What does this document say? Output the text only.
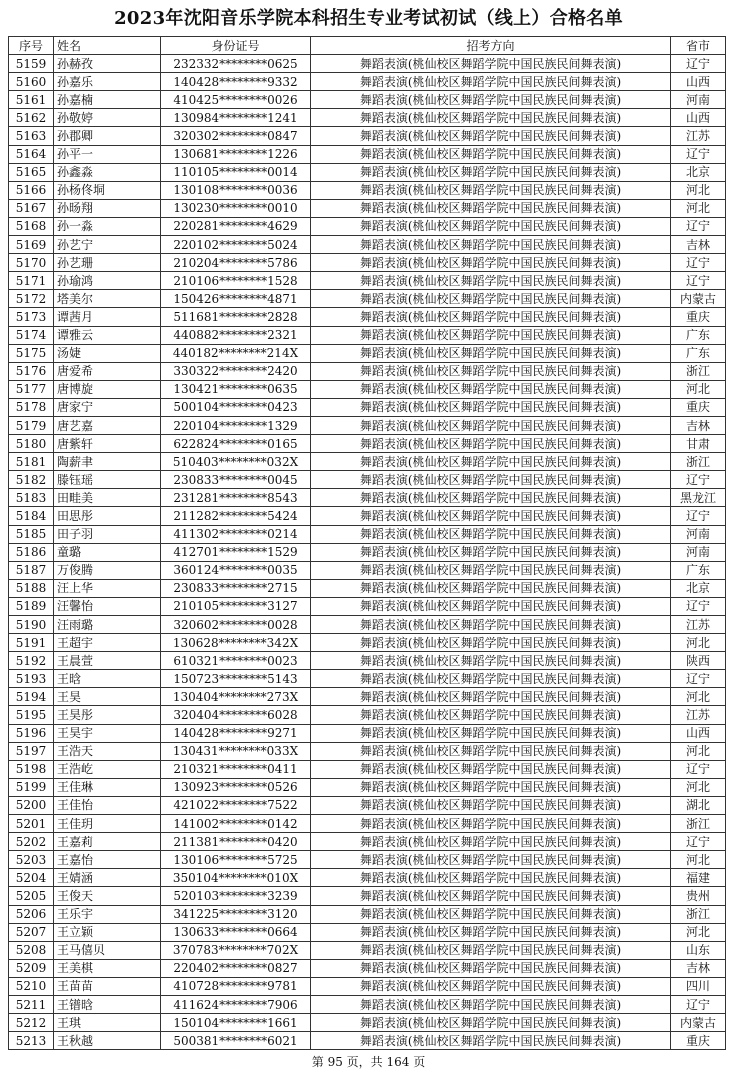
2023年沈阳音乐学院本科招生专业考试初试（线上）合格名单
序号	姓名	身份证号	招考方向	省市
5159	孙赫孜	232332********0625	舞蹈表演(桃仙校区舞蹈学院中国民族民间舞表演)	辽宁
5160	孙嘉乐	140428********9332	舞蹈表演(桃仙校区舞蹈学院中国民族民间舞表演)	山西
5161	孙嘉楠	410425********0026	舞蹈表演(桃仙校区舞蹈学院中国民族民间舞表演)	河南
5162	孙敬婷	130984********1241	舞蹈表演(桃仙校区舞蹈学院中国民族民间舞表演)	山西
5163	孙郡卿	320302********0847	舞蹈表演(桃仙校区舞蹈学院中国民族民间舞表演)	江苏
5164	孙平一	130681********1226	舞蹈表演(桃仙校区舞蹈学院中国民族民间舞表演)	辽宁
5165	孙鑫淼	110105********0014	舞蹈表演(桃仙校区舞蹈学院中国民族民间舞表演)	北京
5166	孙杨佟垌	130108********0036	舞蹈表演(桃仙校区舞蹈学院中国民族民间舞表演)	河北
5167	孙旸翔	130230********0010	舞蹈表演(桃仙校区舞蹈学院中国民族民间舞表演)	河北
5168	孙一淼	220281********4629	舞蹈表演(桃仙校区舞蹈学院中国民族民间舞表演)	辽宁
5169	孙艺宁	220102********5024	舞蹈表演(桃仙校区舞蹈学院中国民族民间舞表演)	吉林
5170	孙艺珊	210204********5786	舞蹈表演(桃仙校区舞蹈学院中国民族民间舞表演)	辽宁
5171	孙瑜鸿	210106********1528	舞蹈表演(桃仙校区舞蹈学院中国民族民间舞表演)	辽宁
5172	塔美尔	150426********4871	舞蹈表演(桃仙校区舞蹈学院中国民族民间舞表演)	内蒙古
5173	谭茜月	511681********2828	舞蹈表演(桃仙校区舞蹈学院中国民族民间舞表演)	重庆
5174	谭雅云	440882********2321	舞蹈表演(桃仙校区舞蹈学院中国民族民间舞表演)	广东
5175	汤婕	440182********214X	舞蹈表演(桃仙校区舞蹈学院中国民族民间舞表演)	广东
5176	唐爱希	330322********2420	舞蹈表演(桃仙校区舞蹈学院中国民族民间舞表演)	浙江
5177	唐博旋	130421********0635	舞蹈表演(桃仙校区舞蹈学院中国民族民间舞表演)	河北
5178	唐家宁	500104********0423	舞蹈表演(桃仙校区舞蹈学院中国民族民间舞表演)	重庆
5179	唐艺嘉	220104********1329	舞蹈表演(桃仙校区舞蹈学院中国民族民间舞表演)	吉林
5180	唐紫轩	622824********0165	舞蹈表演(桃仙校区舞蹈学院中国民族民间舞表演)	甘肃
5181	陶薪聿	510403********032X	舞蹈表演(桃仙校区舞蹈学院中国民族民间舞表演)	浙江
5182	滕钰瑶	230833********0045	舞蹈表演(桃仙校区舞蹈学院中国民族民间舞表演)	辽宁
5183	田畦美	231281********8543	舞蹈表演(桃仙校区舞蹈学院中国民族民间舞表演)	黑龙江
5184	田思彤	211282********5424	舞蹈表演(桃仙校区舞蹈学院中国民族民间舞表演)	辽宁
5185	田子羽	411302********0214	舞蹈表演(桃仙校区舞蹈学院中国民族民间舞表演)	河南
5186	童璐	412701********1529	舞蹈表演(桃仙校区舞蹈学院中国民族民间舞表演)	河南
5187	万俊腾	360124********0035	舞蹈表演(桃仙校区舞蹈学院中国民族民间舞表演)	广东
5188	汪上华	230833********2715	舞蹈表演(桃仙校区舞蹈学院中国民族民间舞表演)	北京
5189	汪馨怡	210105********3127	舞蹈表演(桃仙校区舞蹈学院中国民族民间舞表演)	辽宁
5190	汪雨璐	320602********0028	舞蹈表演(桃仙校区舞蹈学院中国民族民间舞表演)	江苏
5191	王超宇	130628********342X	舞蹈表演(桃仙校区舞蹈学院中国民族民间舞表演)	河北
5192	王晨萱	610321********0023	舞蹈表演(桃仙校区舞蹈学院中国民族民间舞表演)	陕西
5193	王晗	150723********5143	舞蹈表演(桃仙校区舞蹈学院中国民族民间舞表演)	辽宁
5194	王昊	130404********273X	舞蹈表演(桃仙校区舞蹈学院中国民族民间舞表演)	河北
5195	王昊彤	320404********6028	舞蹈表演(桃仙校区舞蹈学院中国民族民间舞表演)	江苏
5196	王昊宇	140428********9271	舞蹈表演(桃仙校区舞蹈学院中国民族民间舞表演)	山西
5197	王浩天	130431********033X	舞蹈表演(桃仙校区舞蹈学院中国民族民间舞表演)	河北
5198	王浩屹	210321********0411	舞蹈表演(桃仙校区舞蹈学院中国民族民间舞表演)	辽宁
5199	王佳琳	130923********0526	舞蹈表演(桃仙校区舞蹈学院中国民族民间舞表演)	河北
5200	王佳怡	421022********7522	舞蹈表演(桃仙校区舞蹈学院中国民族民间舞表演)	湖北
5201	王佳玥	141002********0142	舞蹈表演(桃仙校区舞蹈学院中国民族民间舞表演)	浙江
5202	王嘉莉	211381********0420	舞蹈表演(桃仙校区舞蹈学院中国民族民间舞表演)	辽宁
5203	王嘉怡	130106********5725	舞蹈表演(桃仙校区舞蹈学院中国民族民间舞表演)	河北
5204	王婧涵	350104********010X	舞蹈表演(桃仙校区舞蹈学院中国民族民间舞表演)	福建
5205	王俊天	520103********3239	舞蹈表演(桃仙校区舞蹈学院中国民族民间舞表演)	贵州
5206	王乐宇	341225********3120	舞蹈表演(桃仙校区舞蹈学院中国民族民间舞表演)	浙江
5207	王立颖	130633********0664	舞蹈表演(桃仙校区舞蹈学院中国民族民间舞表演)	河北
5208	王马僖贝	370783********702X	舞蹈表演(桃仙校区舞蹈学院中国民族民间舞表演)	山东
5209	王美棋	220402********0827	舞蹈表演(桃仙校区舞蹈学院中国民族民间舞表演)	吉林
5210	王苗苗	410728********9781	舞蹈表演(桃仙校区舞蹈学院中国民族民间舞表演)	四川
5211	王镨晗	411624********7906	舞蹈表演(桃仙校区舞蹈学院中国民族民间舞表演)	辽宁
5212	王琪	150104********1661	舞蹈表演(桃仙校区舞蹈学院中国民族民间舞表演)	内蒙古
5213	王秋越	500381********6021	舞蹈表演(桃仙校区舞蹈学院中国民族民间舞表演)	重庆
第 95 页，共 164 页
